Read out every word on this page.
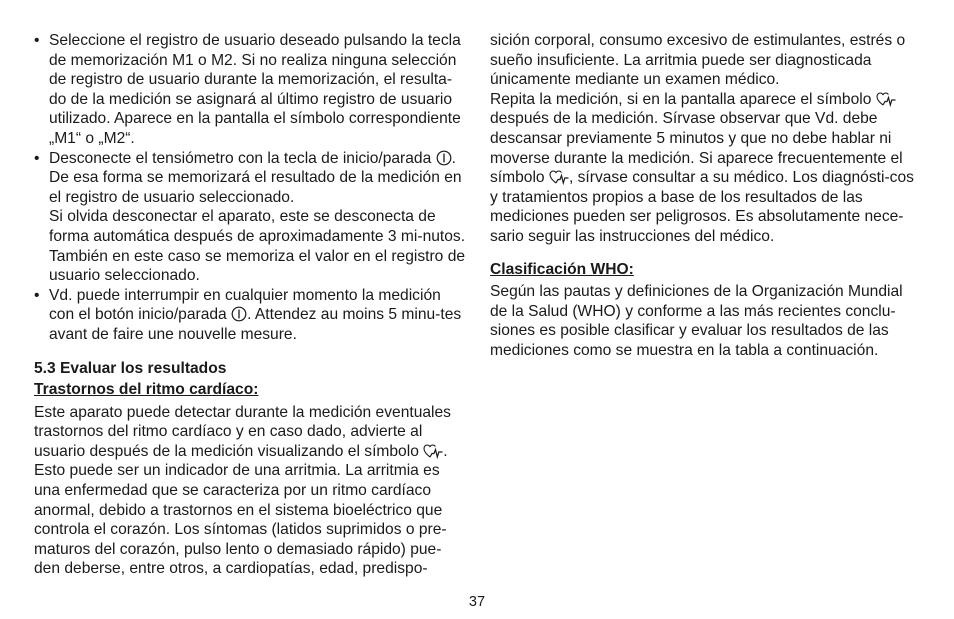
• Seleccione el registro de usuario deseado pulsando la tecla de memorización M1 o M2. Si no realiza ninguna selección de registro de usuario durante la memorización, el resulta-do de la medición se asignará al último registro de usuario utilizado. Aparece en la pantalla el símbolo correspondiente „M1“ o „M2“.
• Desconecte el tensiómetro con la tecla de inicio/parada . De esa forma se memorizará el resultado de la medición en el registro de usuario seleccionado.

Si olvida desconectar el aparato, este se desconecta de forma automática después de aproximadamente 3 mi-nutos. También en este caso se memoriza el valor en el registro de usuario seleccionado.

• Vd. puede interrumpir en cualquier momento la medición con el botón inicio/parada . Attendez au moins 5 minu-tes avant de faire une nouvelle mesure.

5.3 Evaluar los resultados

Trastornos del ritmo cardíaco:

Este aparato puede detectar durante la medición eventuales trastornos del ritmo cardíaco y en caso dado, advierte al usuario después de la medición visualizando el símbolo . Esto puede ser un indicador de una arritmia. La arritmia es una enfermedad que se caracteriza por un ritmo cardíaco anormal, debido a trastornos en el sistema bioeléctrico que controla el corazón. Los síntomas (latidos suprimidos o pre-maturos del corazón, pulso lento o demasiado rápido) pue-den deberse, entre otros, a cardiopatías, edad, predispo-

sición corporal, consumo excesivo de estimulantes, estrés o sueño insuficiente. La arritmia puede ser diagnosticada únicamente mediante un examen médico.

Repita la medición, si en la pantalla aparece el símbolo  después de la medición. Sírvase observar que Vd. debe descansar previamente 5 minutos y que no debe hablar ni moverse durante la medición. Si aparece frecuentemente el símbolo , sírvase consultar a su médico. Los diagnósti-cos y tratamientos propios a base de los resultados de las mediciones pueden ser peligrosos. Es absolutamente nece-sario seguir las instrucciones del médico.

Clasificación WHO:

Según las pautas y definiciones de la Organización Mundial de la Salud (WHO) y conforme a las más recientes conclu-siones es posible clasificar y evaluar los resultados de las mediciones como se muestra en la tabla a continuación.

37
